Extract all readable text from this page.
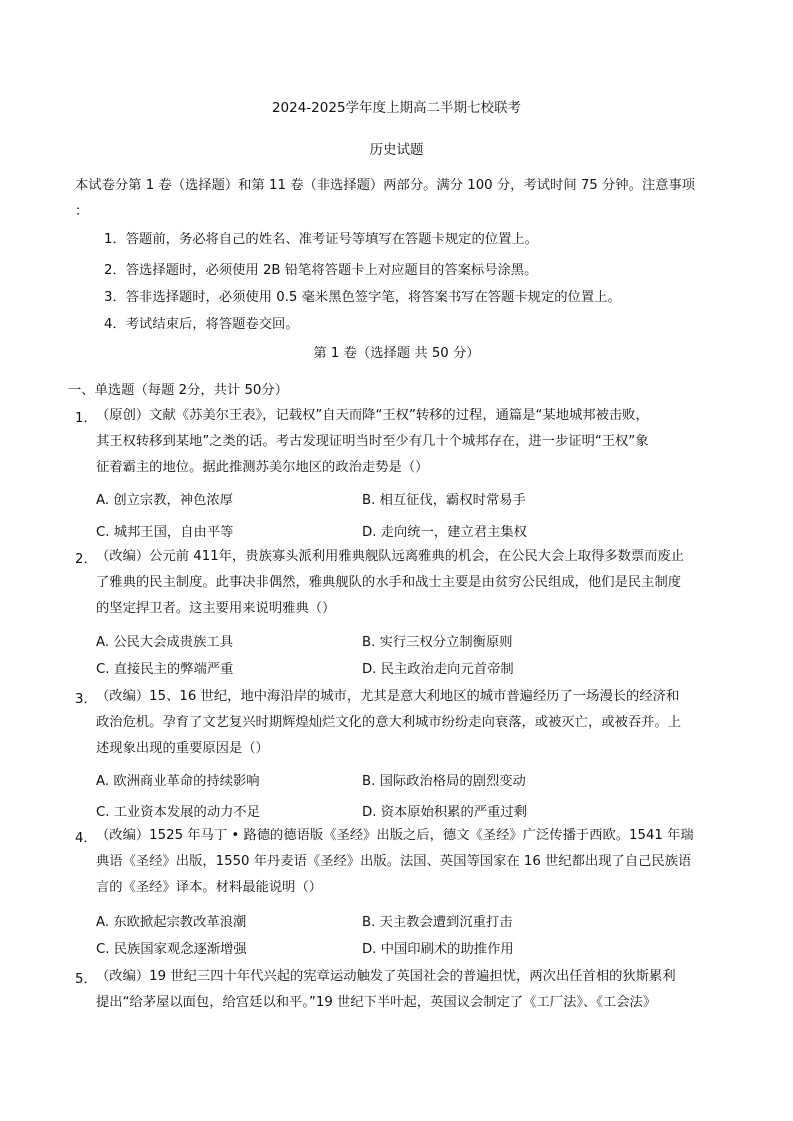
2024-2025学年度上期高二半期七校联考
历史试题
本试卷分第 1 卷（选择题）和第 11 卷（非选择题）两部分。满分 100 分，考试时间 75 分钟。注意事项
：
1．答题前，务必将自己的姓名、准考证号等填写在答题卡规定的位置上。
2．答选择题时，必须使用 2B 铅笔将答题卡上对应题目的答案标号涂黑。
3．答非选择题时，必须使用 0.5 毫米黑色签字笔，将答案书写在答题卡规定的位置上。
4．考试结束后，将答题卷交回。
第 1 卷（选择题 共 50 分）
一、单选题（每题 2分，共计 50分）
1． （原创）文献《苏美尔王表》，记载权”自天而降“王权”转移的过程，通篇是“某地城邦被击败，
其王权转移到某地”之类的话。考古发现证明当时至少有几十个城邦存在，进一步证明“王权”象
征着霸主的地位。据此推测苏美尔地区的政治走势是（）
A. 创立宗教，神色浓厚	B. 相互征伐，霸权时常易手
C. 城邦王国，自由平等	D. 走向统一，建立君主集权
2． （改编）公元前 411年，贵族寡头派利用雅典舰队远离雅典的机会，在公民大会上取得多数票而废止
了雅典的民主制度。此事决非偶然，雅典舰队的水手和战士主要是由贫穷公民组成，他们是民主制度
的坚定捍卫者。这主要用来说明雅典（）
A. 公民大会成贵族工具	B. 实行三权分立制衡原则
C. 直接民主的弊端严重	D. 民主政治走向元首帝制
3． （改编）15、16 世纪，地中海沿岸的城市，尤其是意大利地区的城市普遍经历了一场漫长的经济和
政治危机。孕育了文艺复兴时期辉煌灿烂文化的意大利城市纷纷走向衰落，或被灭亡，或被吞并。上
述现象出现的重要原因是（）
A. 欧洲商业革命的持续影响	B. 国际政治格局的剧烈变动
C. 工业资本发展的动力不足	D. 资本原始积累的严重过剩
4． （改编）1525 年马丁 • 路德的德语版《圣经》出版之后，德文《圣经》广泛传播于西欧。1541 年瑞
典语《圣经》出版，1550 年丹麦语《圣经》出版。法国、英国等国家在 16 世纪都出现了自己民族语
言的《圣经》译本。材料最能说明（）
A. 东欧掀起宗教改革浪潮	B. 天主教会遭到沉重打击
C. 民族国家观念逐渐增强	D. 中国印刷术的助推作用
5． （改编）19 世纪三四十年代兴起的宪章运动触发了英国社会的普遍担忧，两次出任首相的狄斯累利
提出“给茅屋以面包，给宫廷以和平。”19 世纪下半叶起，英国议会制定了《工厂法》、《工会法》
